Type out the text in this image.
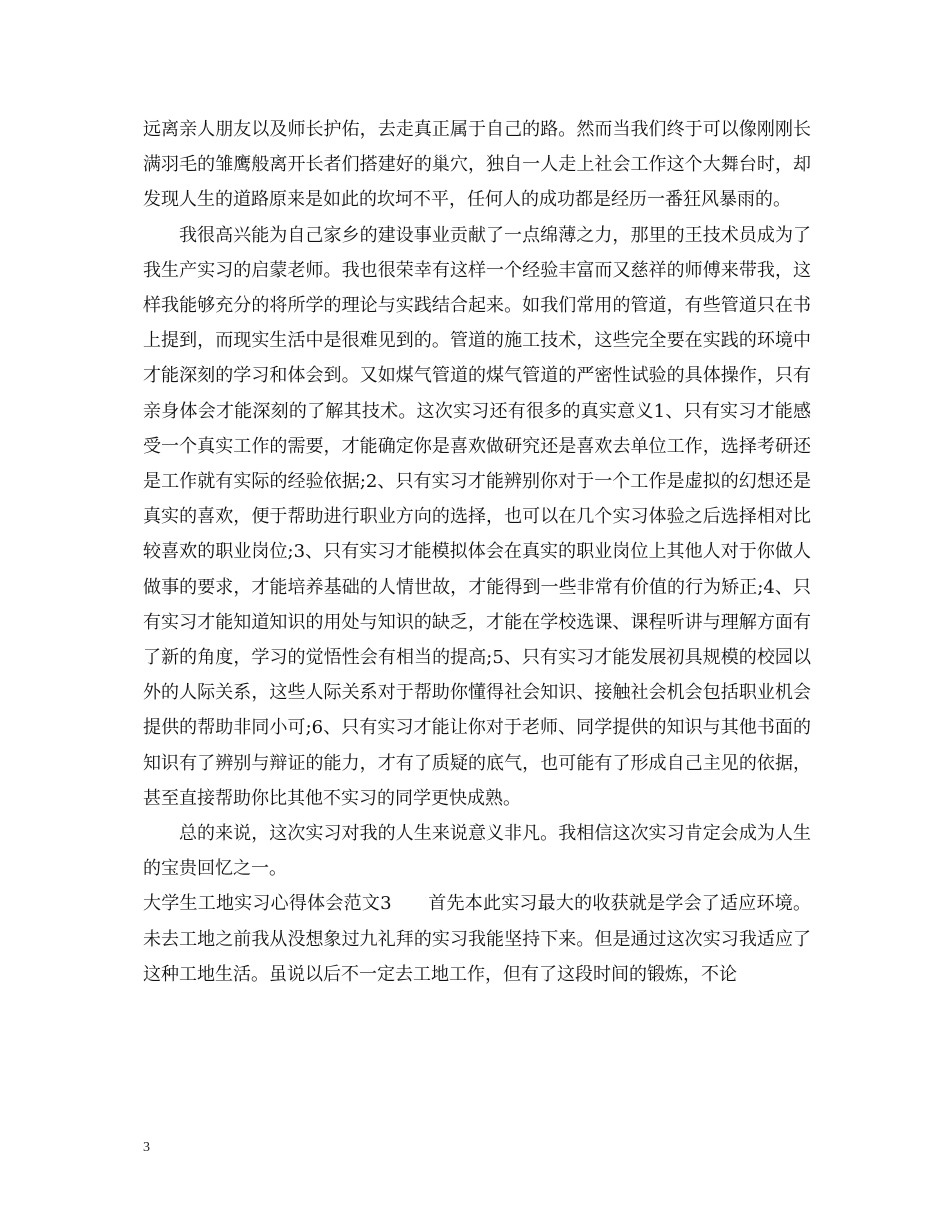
远离亲人朋友以及师长护佑，去走真正属于自己的路。然而当我们终于可以像刚刚长满羽毛的雏鹰般离开长者们搭建好的巢穴，独自一人走上社会工作这个大舞台时，却发现人生的道路原来是如此的坎坷不平，任何人的成功都是经历一番狂风暴雨的。

我很高兴能为自己家乡的建设事业贡献了一点绵薄之力，那里的王技术员成为了我生产实习的启蒙老师。我也很荣幸有这样一个经验丰富而又慈祥的师傅来带我，这样我能够充分的将所学的理论与实践结合起来。如我们常用的管道，有些管道只在书上提到，而现实生活中是很难见到的。管道的施工技术，这些完全要在实践的环境中才能深刻的学习和体会到。又如煤气管道的煤气管道的严密性试验的具体操作，只有亲身体会才能深刻的了解其技术。这次实习还有很多的真实意义1、只有实习才能感受一个真实工作的需要，才能确定你是喜欢做研究还是喜欢去单位工作，选择考研还是工作就有实际的经验依据;2、只有实习才能辨别你对于一个工作是虚拟的幻想还是真实的喜欢，便于帮助进行职业方向的选择，也可以在几个实习体验之后选择相对比较喜欢的职业岗位;3、只有实习才能模拟体会在真实的职业岗位上其他人对于你做人做事的要求，才能培养基础的人情世故，才能得到一些非常有价值的行为矫正;4、只有实习才能知道知识的用处与知识的缺乏，才能在学校选课、课程听讲与理解方面有了新的角度，学习的觉悟性会有相当的提高;5、只有实习才能发展初具规模的校园以外的人际关系，这些人际关系对于帮助你懂得社会知识、接触社会机会包括职业机会提供的帮助非同小可;6、只有实习才能让你对于老师、同学提供的知识与其他书面的知识有了辨别与辩证的能力，才有了质疑的底气，也可能有了形成自己主见的依据，甚至直接帮助你比其他不实习的同学更快成熟。

总的来说，这次实习对我的人生来说意义非凡。我相信这次实习肯定会成为人生的宝贵回忆之一。

大学生工地实习心得体会范文3　　首先本此实习最大的收获就是学会了适应环境。未去工地之前我从没想象过九礼拜的实习我能坚持下来。但是通过这次实习我适应了这种工地生活。虽说以后不一定去工地工作，但有了这段时间的锻炼，不论

3
